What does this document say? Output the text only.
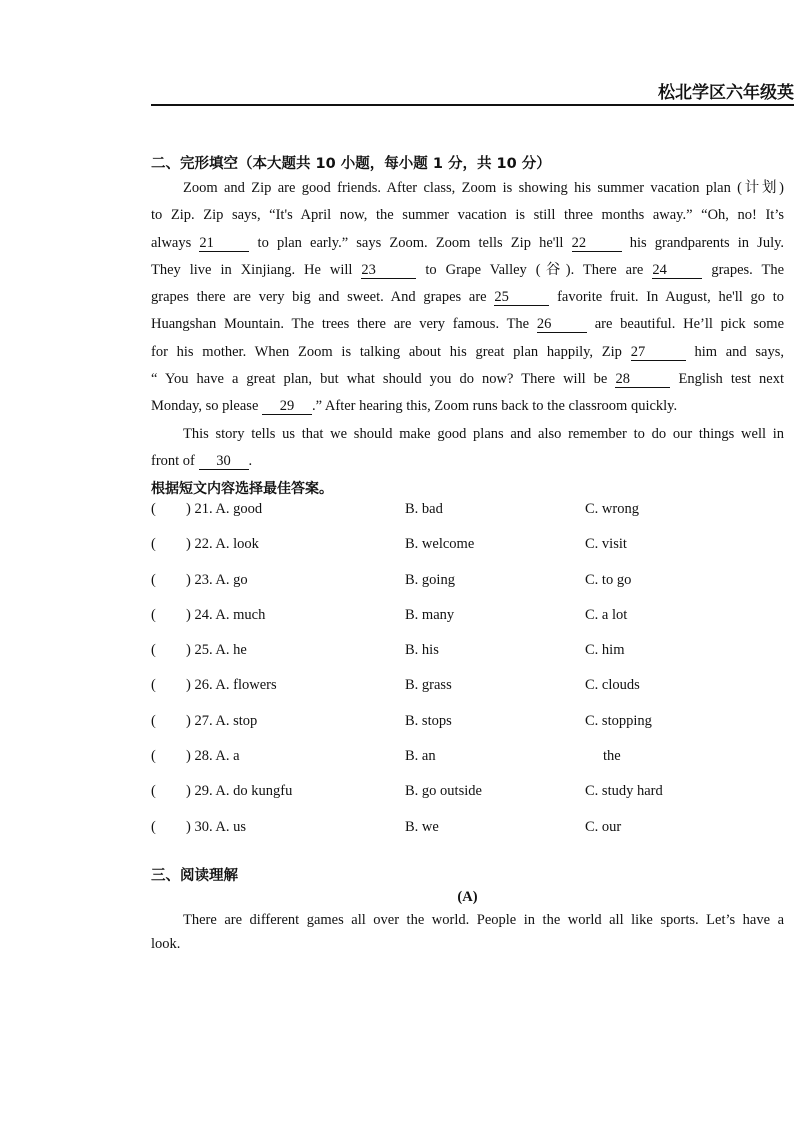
松北学区六年级英
二、完形填空（本大题共 10 小题，每小题 1 分，共 10 分）
Zoom and Zip are good friends. After class, Zoom is showing his summer vacation plan (计划)
to Zip. Zip says, “It's April now, the summer vacation is still three months away.” “Oh, no! It’s
always 21	to plan early.” says Zoom. Zoom tells Zip he'll 22	his grandparents in July.
They live in Xinjiang. He will 23	to Grape Valley (谷). There are 24	grapes. The
grapes there are very big and sweet. And grapes are 25	favorite fruit. In August, he'll go to
Huangshan Mountain. The trees there are very famous. The 26	are beautiful. He’ll pick some
for his mother. When Zoom is talking about his great plan happily, Zip 27	him and says,
“ You have a great plan, but what should you do now? There will be 28	English test next
Monday, so please 29 .” After hearing this, Zoom runs back to the classroom quickly.
This story tells us that we should make good plans and also remember to do our things well in
front of 30 .
根据短文内容选择最佳答案。
( ) 21. A. good	B. bad	C. wrong
( ) 22. A. look	B. welcome	C. visit
( ) 23. A. go	B. going	C. to go
( ) 24. A. much	B. many	C. a lot
( ) 25. A. he	B. his	C. him
( ) 26. A. flowers	B. grass	C. clouds
( ) 27. A. stop	B. stops	C. stopping
( ) 28. A. a	B. an	the
( ) 29. A. do kungfu	B. go outside	C. study hard
( ) 30. A. us	B. we	C. our
三、阅读理解
(A)
There are different games all over the world. People in the world all like sports. Let’s have a
look.
